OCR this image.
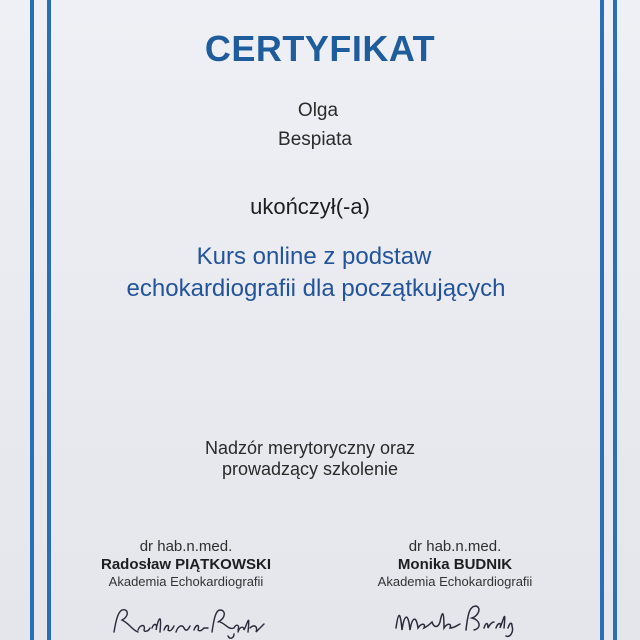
CERTYFIKAT
Olga
Bespiata
ukończył(-a)
Kurs online z podstaw
echokardiografii dla początkujących
Nadzór merytoryczny oraz
prowadzący szkolenie
dr hab.n.med.
Radosław PIĄTKOWSKI
Akademia Echokardiografii
dr hab.n.med.
Monika BUDNIK
Akademia Echokardiografii
